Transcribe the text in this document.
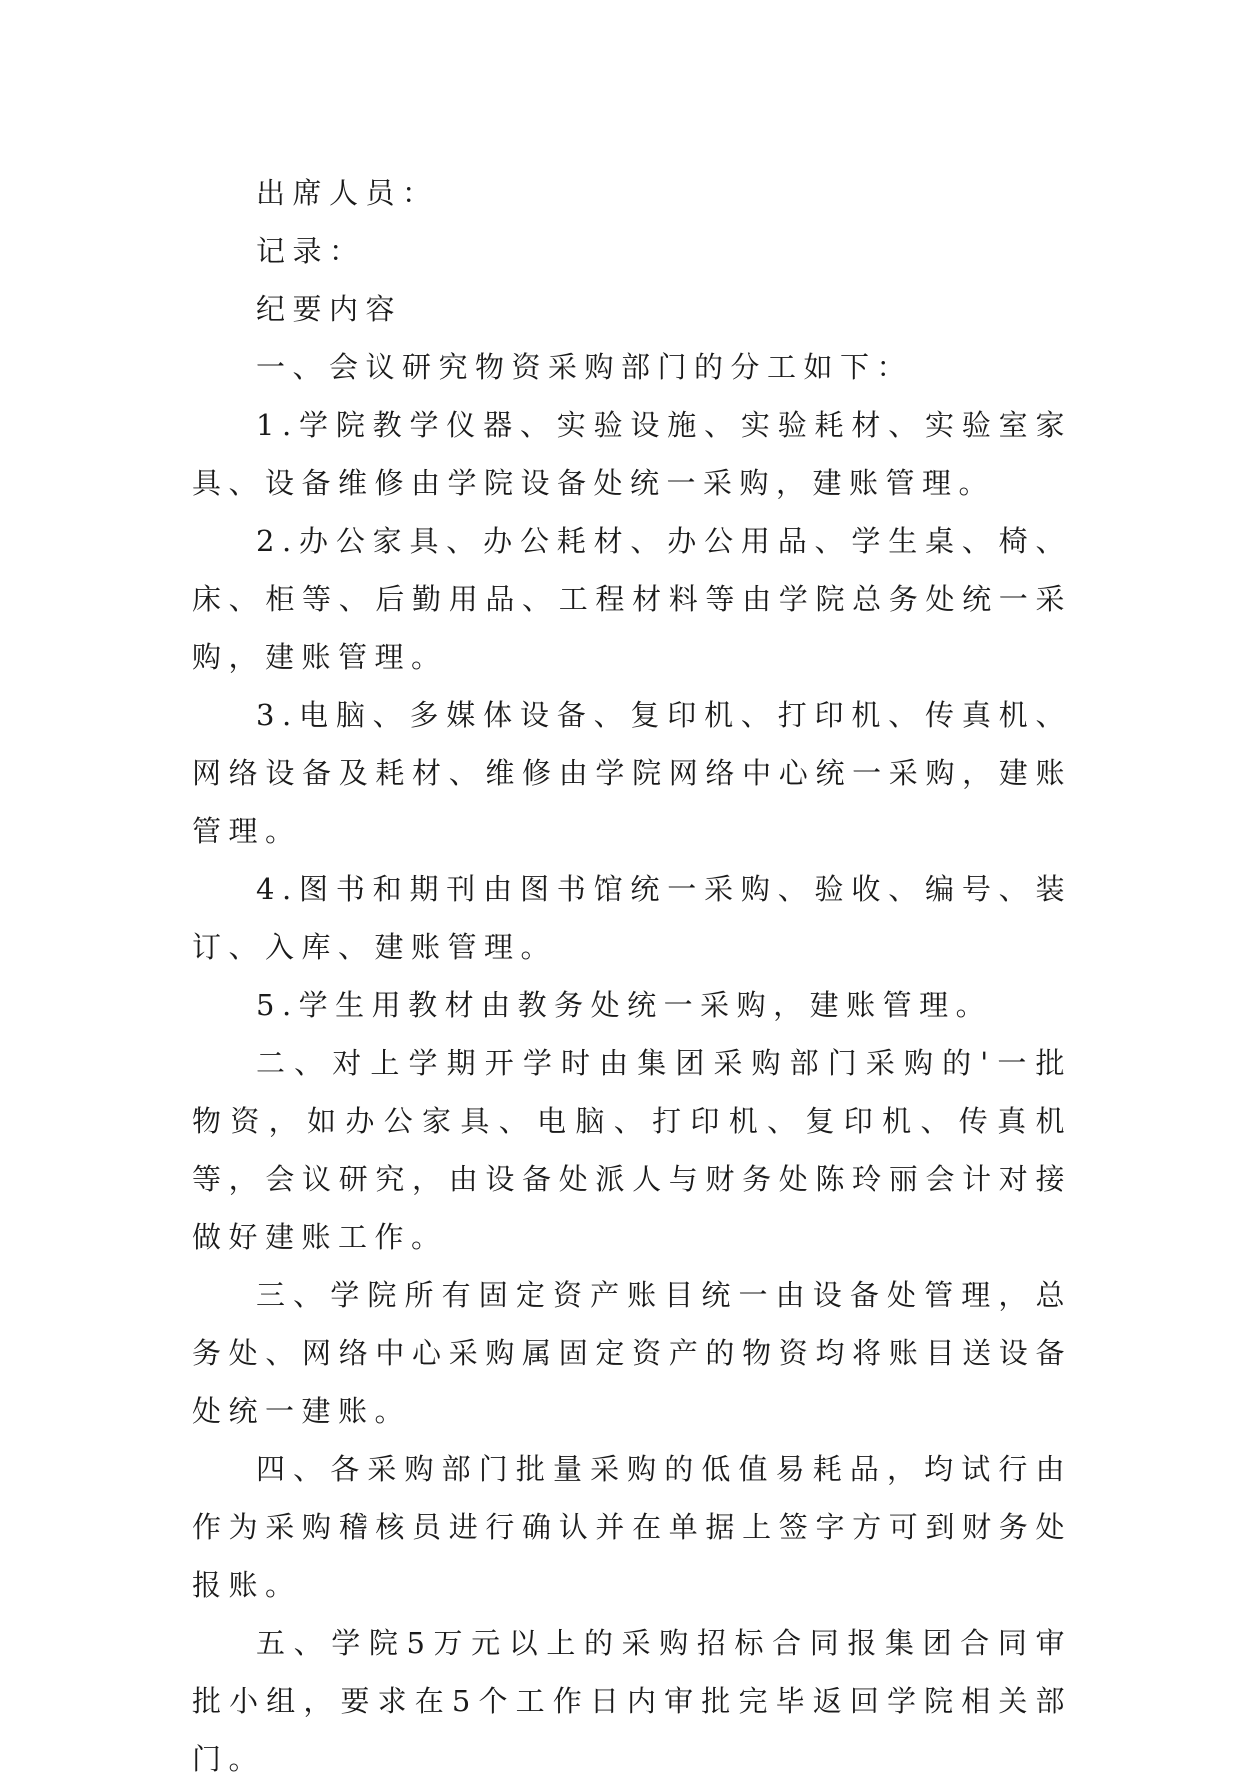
出席人员：

记录：

纪要内容

一、会议研究物资采购部门的分工如下：

1.学院教学仪器、实验设施、实验耗材、实验室家具、设备维修由学院设备处统一采购，建账管理。

2.办公家具、办公耗材、办公用品、学生桌、椅、床、柜等、后勤用品、工程材料等由学院总务处统一采购，建账管理。

3.电脑、多媒体设备、复印机、打印机、传真机、网络设备及耗材、维修由学院网络中心统一采购，建账管理。

4.图书和期刊由图书馆统一采购、验收、编号、装订、入库、建账管理。

5.学生用教材由教务处统一采购，建账管理。

二、对上学期开学时由集团采购部门采购的'一批物资，如办公家具、电脑、打印机、复印机、传真机等，会议研究，由设备处派人与财务处陈玲丽会计对接做好建账工作。

三、学院所有固定资产账目统一由设备处管理，总务处、网络中心采购属固定资产的物资均将账目送设备处统一建账。

四、各采购部门批量采购的低值易耗品，均试行由作为采购稽核员进行确认并在单据上签字方可到财务处报账。

五、学院5万元以上的采购招标合同报集团合同审批小组，要求在5个工作日内审批完毕返回学院相关部门。
